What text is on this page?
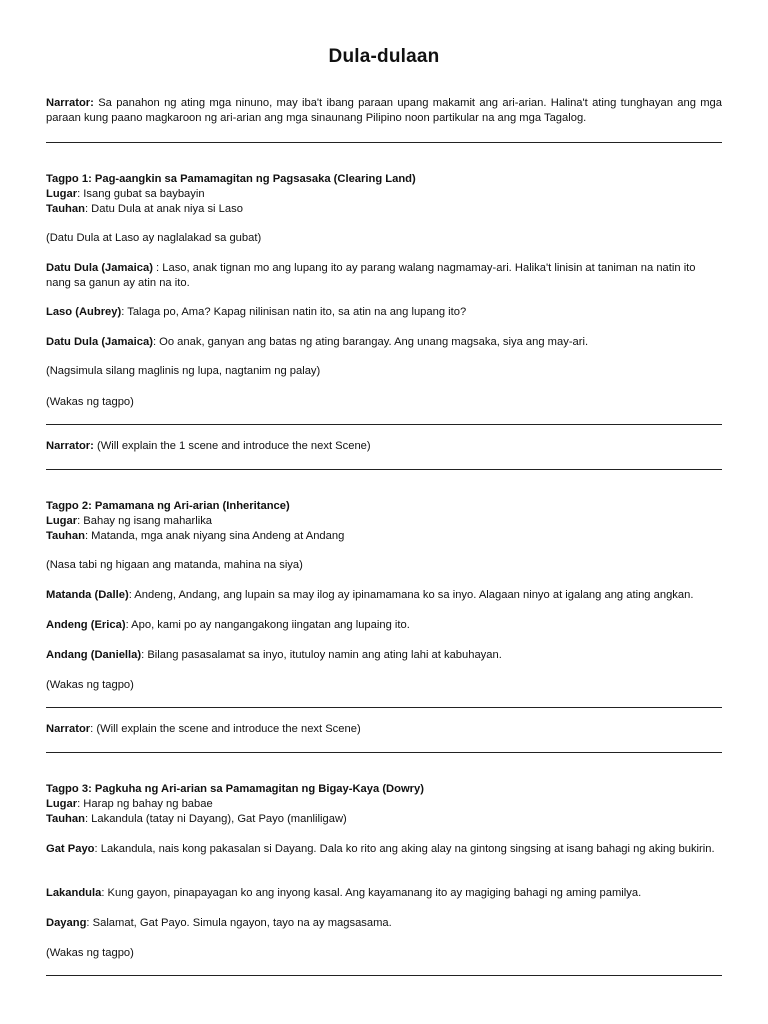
Dula-dulaan
Narrator: Sa panahon ng ating mga ninuno, may iba't ibang paraan upang makamit ang ari-arian. Halina't ating tunghayan ang mga paraan kung paano magkaroon ng ari-arian ang mga sinaunang Pilipino noon partikular na ang mga Tagalog.
Tagpo 1: Pag-aangkin sa Pamamagitan ng Pagsasaka (Clearing Land)
Lugar: Isang gubat sa baybayin
Tauhan: Datu Dula at anak niya si Laso
(Datu Dula at Laso ay naglalakad sa gubat)
Datu Dula (Jamaica) : Laso, anak tignan mo ang lupang ito ay parang walang nagmamay-ari. Halika't linisin at taniman na natin ito nang sa ganun ay atin na ito.
Laso (Aubrey): Talaga po, Ama? Kapag nilinisan natin ito, sa atin na ang lupang ito?
Datu Dula (Jamaica): Oo anak, ganyan ang batas ng ating barangay. Ang unang magsaka, siya ang may-ari.
(Nagsimula silang maglinis ng lupa, nagtanim ng palay)
(Wakas ng tagpo)
Narrator: (Will explain the 1 scene and introduce the next Scene)
Tagpo 2: Pamamana ng Ari-arian (Inheritance)
Lugar: Bahay ng isang maharlika
Tauhan: Matanda, mga anak niyang sina Andeng at Andang
(Nasa tabi ng higaan ang matanda, mahina na siya)
Matanda (Dalle): Andeng, Andang, ang lupain sa may ilog ay ipinamamana ko sa inyo. Alagaan ninyo at igalang ang ating angkan.
Andeng (Erica): Apo, kami po ay nangangakong iingatan ang lupaing ito.
Andang (Daniella): Bilang pasasalamat sa inyo, itutuloy namin ang ating lahi at kabuhayan.
(Wakas ng tagpo)
Narrator: (Will explain the scene and introduce the next Scene)
Tagpo 3: Pagkuha ng Ari-arian sa Pamamagitan ng Bigay-Kaya (Dowry)
Lugar: Harap ng bahay ng babae
Tauhan: Lakandula (tatay ni Dayang), Gat Payo (manliligaw)
Gat Payo: Lakandula, nais kong pakasalan si Dayang. Dala ko rito ang aking alay na gintong singsing at isang bahagi ng aking bukirin.
Lakandula: Kung gayon, pinapayagan ko ang inyong kasal. Ang kayamanang ito ay magiging bahagi ng aming pamilya.
Dayang: Salamat, Gat Payo. Simula ngayon, tayo na ay magsasama.
(Wakas ng tagpo)
